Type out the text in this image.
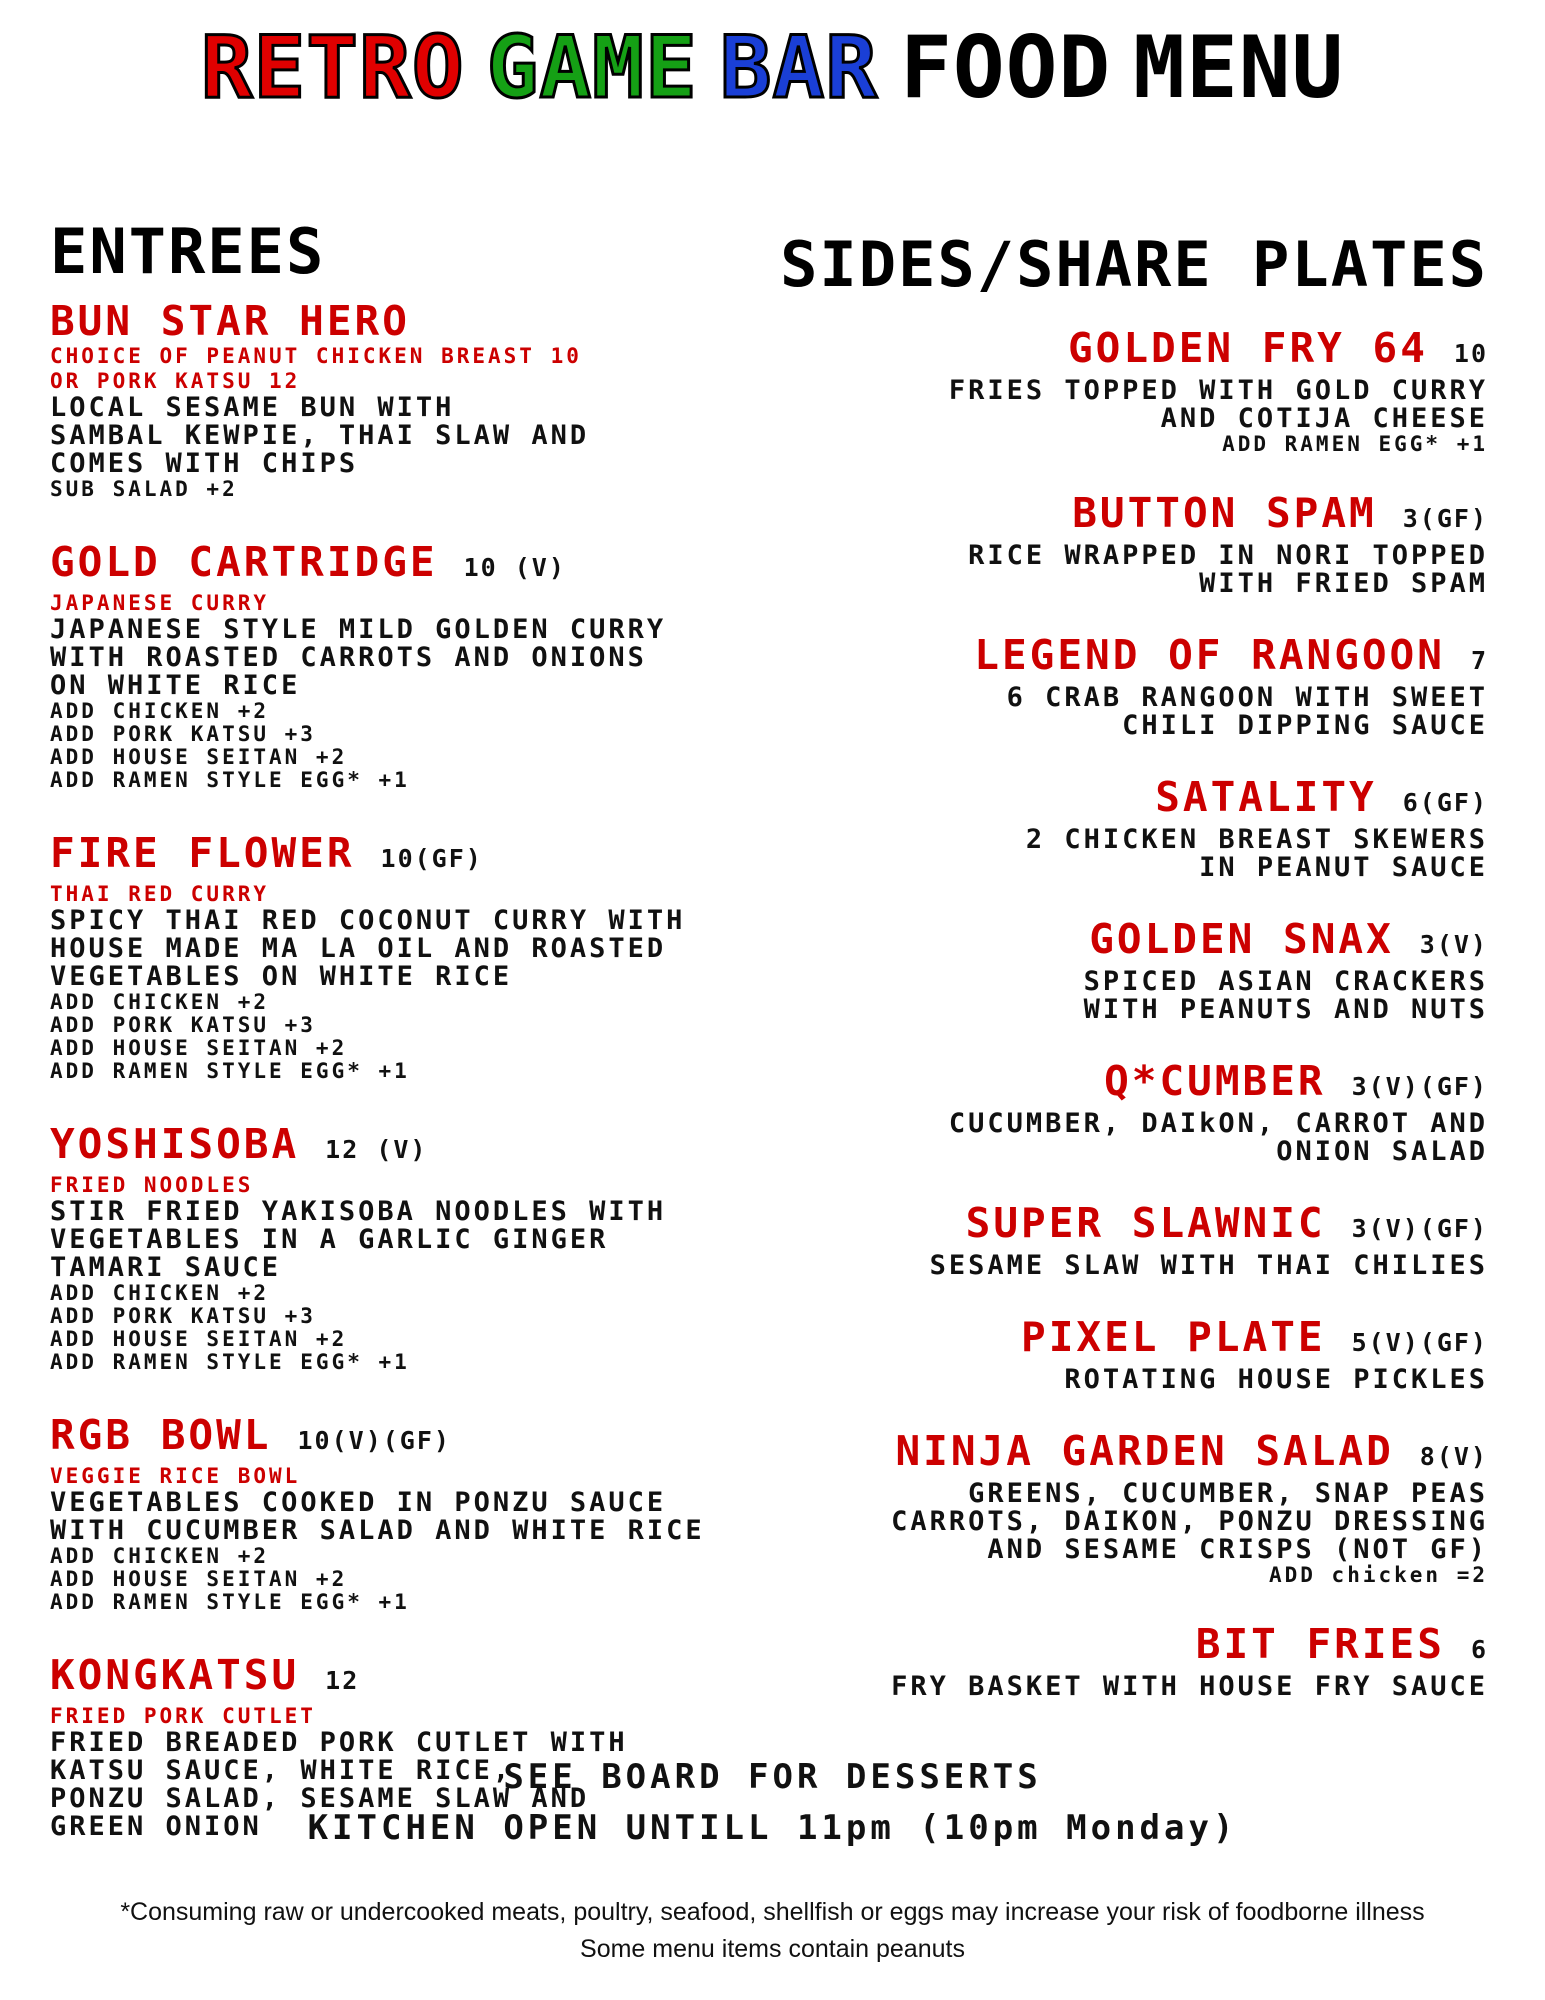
RETRO GAME BAR FOOD MENU
ENTREES	SIDES/SHARE PLATES
BUN STAR HERO
CHOICE OF PEANUT CHICKEN BREAST 10
OR PORK KATSU 12
LOCAL SESAME BUN WITH
SAMBAL KEWPIE, THAI SLAW AND
COMES WITH CHIPS
SUB SALAD +2
GOLD CARTRIDGE 10 (V)
JAPANESE CURRY
JAPANESE STYLE MILD GOLDEN CURRY
WITH ROASTED CARROTS AND ONIONS
ON WHITE RICE
ADD CHICKEN +2
ADD PORK KATSU +3
ADD HOUSE SEITAN +2
ADD RAMEN STYLE EGG* +1
FIRE FLOWER 10(GF)
THAI RED CURRY
SPICY THAI RED COCONUT CURRY WITH
HOUSE MADE MA LA OIL AND ROASTED
VEGETABLES ON WHITE RICE
ADD CHICKEN +2
ADD PORK KATSU +3
ADD HOUSE SEITAN +2
ADD RAMEN STYLE EGG* +1
YOSHISOBA 12 (V)
FRIED NOODLES
STIR FRIED YAKISOBA NOODLES WITH
VEGETABLES IN A GARLIC GINGER
TAMARI SAUCE
ADD CHICKEN +2
ADD PORK KATSU +3
ADD HOUSE SEITAN +2
ADD RAMEN STYLE EGG* +1
RGB BOWL 10(V)(GF)
VEGGIE RICE BOWL
VEGETABLES COOKED IN PONZU SAUCE
WITH CUCUMBER SALAD AND WHITE RICE
ADD CHICKEN +2
ADD HOUSE SEITAN +2
ADD RAMEN STYLE EGG* +1
KONGKATSU 12
FRIED PORK CUTLET
FRIED BREADED PORK CUTLET WITH
KATSU SAUCE, WHITE RICE,
PONZU SALAD, SESAME SLAW AND
GREEN ONION
GOLDEN FRY 64 10
FRIES TOPPED WITH GOLD CURRY
AND COTIJA CHEESE
ADD RAMEN EGG* +1
BUTTON SPAM 3(GF)
RICE WRAPPED IN NORI TOPPED
WITH FRIED SPAM
LEGEND OF RANGOON 7
6 CRAB RANGOON WITH SWEET
CHILI DIPPING SAUCE
SATALITY 6(GF)
2 CHICKEN BREAST SKEWERS
IN PEANUT SAUCE
GOLDEN SNAX 3(V)
SPICED ASIAN CRACKERS
WITH PEANUTS AND NUTS
Q*CUMBER 3(V)(GF)
CUCUMBER, DAIkON, CARROT AND
ONION SALAD
SUPER SLAWNIC 3(V)(GF)
SESAME SLAW WITH THAI CHILIES
PIXEL PLATE 5(V)(GF)
ROTATING HOUSE PICKLES
NINJA GARDEN SALAD 8(V)
GREENS, CUCUMBER, SNAP PEAS
CARROTS, DAIKON, PONZU DRESSING
AND SESAME CRISPS (NOT GF)
ADD chicken =2
BIT FRIES 6
FRY BASKET WITH HOUSE FRY SAUCE
SEE BOARD FOR DESSERTS
KITCHEN OPEN UNTILL 11pm (10pm Monday)
*Consuming raw or undercooked meats, poultry, seafood, shellfish or eggs may increase your risk of foodborne illness
Some menu items contain peanuts
